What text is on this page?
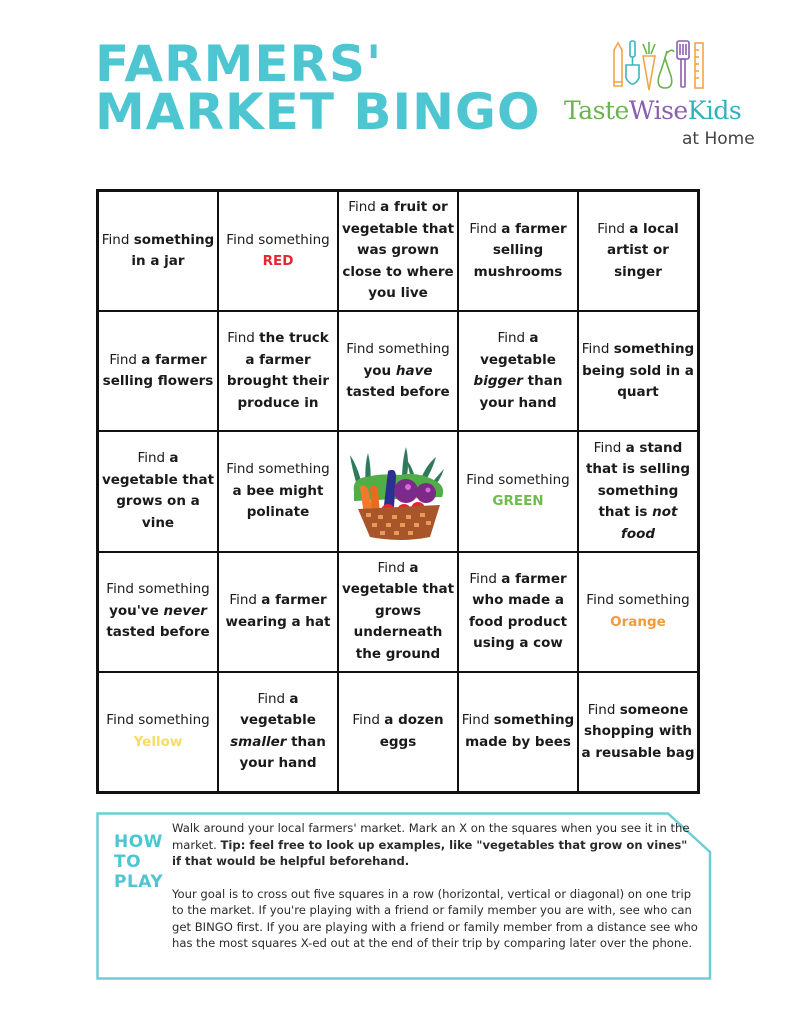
FARMERS'
MARKET BINGO TasteWiseKids
at Home
Find something in a jar
Find something
RED
Find a fruit or vegetable that was grown close to where you live
Find a farmer selling mushrooms
Find a local artist or singer
Find a farmer selling flowers
Find the truck a farmer brought their produce in
Find something you have tasted before
Find a vegetable bigger than your hand
Find something being sold in a quart
Find a vegetable that grows on a vine
Find something a bee might polinate
Find something
GREEN
Find a stand that is selling something that is not food
Find something you've never tasted before
Find a farmer wearing a hat
Find a vegetable that grows underneath the ground
Find a farmer who made a food product using a cow
Find something
Orange
Find something
Yellow
Find a vegetable smaller than your hand
Find a dozen eggs
Find something made by bees
Find someone shopping with a reusable bag
HOW
TO
PLAY

Walk around your local farmers' market. Mark an X on the squares when you see it in the market. Tip: feel free to look up examples, like "vegetables that grow on vines" if that would be helpful beforehand.

Your goal is to cross out five squares in a row (horizontal, vertical or diagonal) on one trip to the market. If you're playing with a friend or family member you are with, see who can get BINGO first. If you are playing with a friend or family member from a distance see who has the most squares X-ed out at the end of their trip by comparing later over the phone.
